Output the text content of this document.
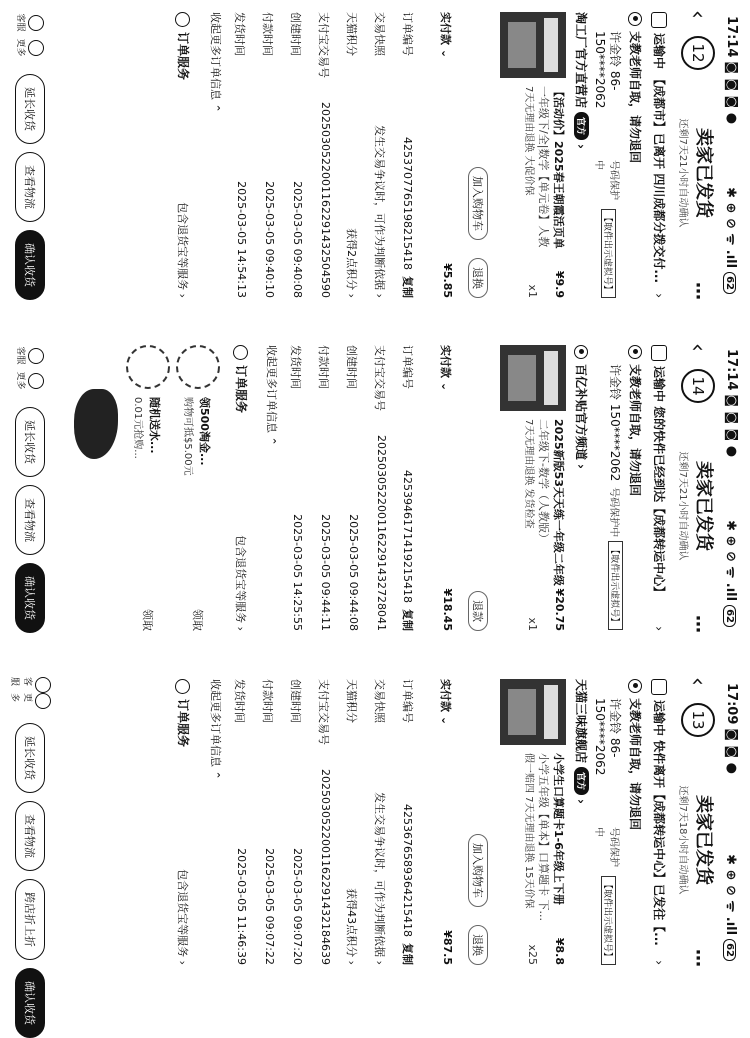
17:14◙ ◙ ◙ ●
✱ ⊕ ⊘ ᯤ .ıll62
‹
12
卖家已发货
还剩7天21小时自动确认
⋯
运输中 【成都市】已离开 四川成都分拨交付...
›
支教老师自取，请勿退回
许金铃 86-150****2062
号码保护中
【取件出示虚拟号】
淘工厂官方直营店
官方
›
【活动价】2025春王朝霞活页单
一年级下/全|数学【单元卷】人教
7天无理由退换 大促价保
¥9.9
x1
加入购物车
退换
实付款 ⌄
¥5.85
订单编号
4253707765198215418复制
交易快照
发生交易争议时，可作为判断依据 ›
天猫积分
获得2点积分 ›
支付宝交易号
2025030522001162291432504590
创建时间
2025-03-05 09:40:08
付款时间
2025-03-05 09:40:10
发货时间
2025-03-05 14:54:13
收起更多订单信息 ⌃
订单服务
包含退货宝等服务 ›
客服
更多
延长收货
查看物流
确认收货
17:14◙ ◙ ◙ ●
✱ ⊕ ⊘ ᯤ .ıll62
‹
14
卖家已发货
还剩7天21小时自动确认
⋯
运输中 您的快件已经到达【成都转运中心】
›
支教老师自取，请勿退回
许金铃 150****2062
号码保护中
【取件出示虚拟号】
百亿补贴官方频道
›
2025新版53天天练一年级二年级
二年级下-数学（人教版）
7天无理由退换 发货检查
¥20.75
x1
退款
实付款 ⌄
¥18.45
订单编号
4253946171419215418复制
支付宝交易号
2025030522001162291432728041
创建时间
2025-03-05 09:44:08
付款时间
2025-03-05 09:44:11
发货时间
2025-03-05 14:25:55
收起更多订单信息 ⌃
订单服务
包含退货宝等服务 ›
领500淘金...
购物可抵$5.00元
领取
随机送水...
0.01元抢购...
领取
客服
更多
延长收货
查看物流
确认收货
17:09◙ ◙ ●
✱ ⊕ ⊘ ᯤ .ıll62
‹
13
卖家已发货
还剩7天18小时自动确认
⋯
运输中 快件离开【成都转运中心】已发往【...
›
支教老师自取，请勿退回
许金铃 86-150****2062
号码保护中
【取件出示虚拟号】
天猫三味旗舰店
官方
›
小学生口算题卡1-6年级上下册
小学五年级【单本】口算题卡 下...
假一赔四 7天无理由退换 15天价保
¥8.8
x25
加入购物车
退换
实付款 ⌄
¥87.5
订单编号
4253676589364215418复制
交易快照
发生交易争议时，可作为判断依据 ›
天猫积分
获得43点积分 ›
支付宝交易号
2025030522001162291432184639
创建时间
2025-03-05 09:07:20
付款时间
2025-03-05 09:07:22
发货时间
2025-03-05 11:46:39
收起更多订单信息 ⌃
订单服务
包含退货宝等服务 ›
客服
更多
延长收货
查看物流
跨店折上折
确认收货
